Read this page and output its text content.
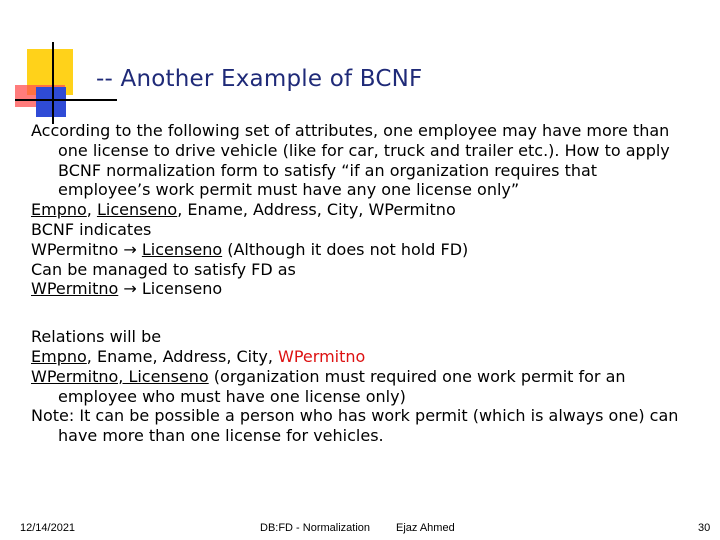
-- Another Example of BCNF
According to the following set of attributes, one employee may have more than one license to drive vehicle (like for car, truck and trailer etc.). How to apply BCNF normalization form to satisfy “if an organization requires that employee’s work permit must have any one license only”
Empno, Licenseno, Ename, Address, City, WPermitno
BCNF indicates
WPermitno → Licenseno (Although it does not hold FD)
Can be managed to satisfy FD as
WPermitno → Licenseno
Relations will be
Empno, Ename, Address, City, WPermitno
WPermitno, Licenseno (organization must required one work permit for an employee who must have one license only)
Note: It can be possible a person who has work permit (which is always one) can have more than one license for vehicles.
12/14/2021	DB:FD - Normalization Ejaz Ahmed	30
